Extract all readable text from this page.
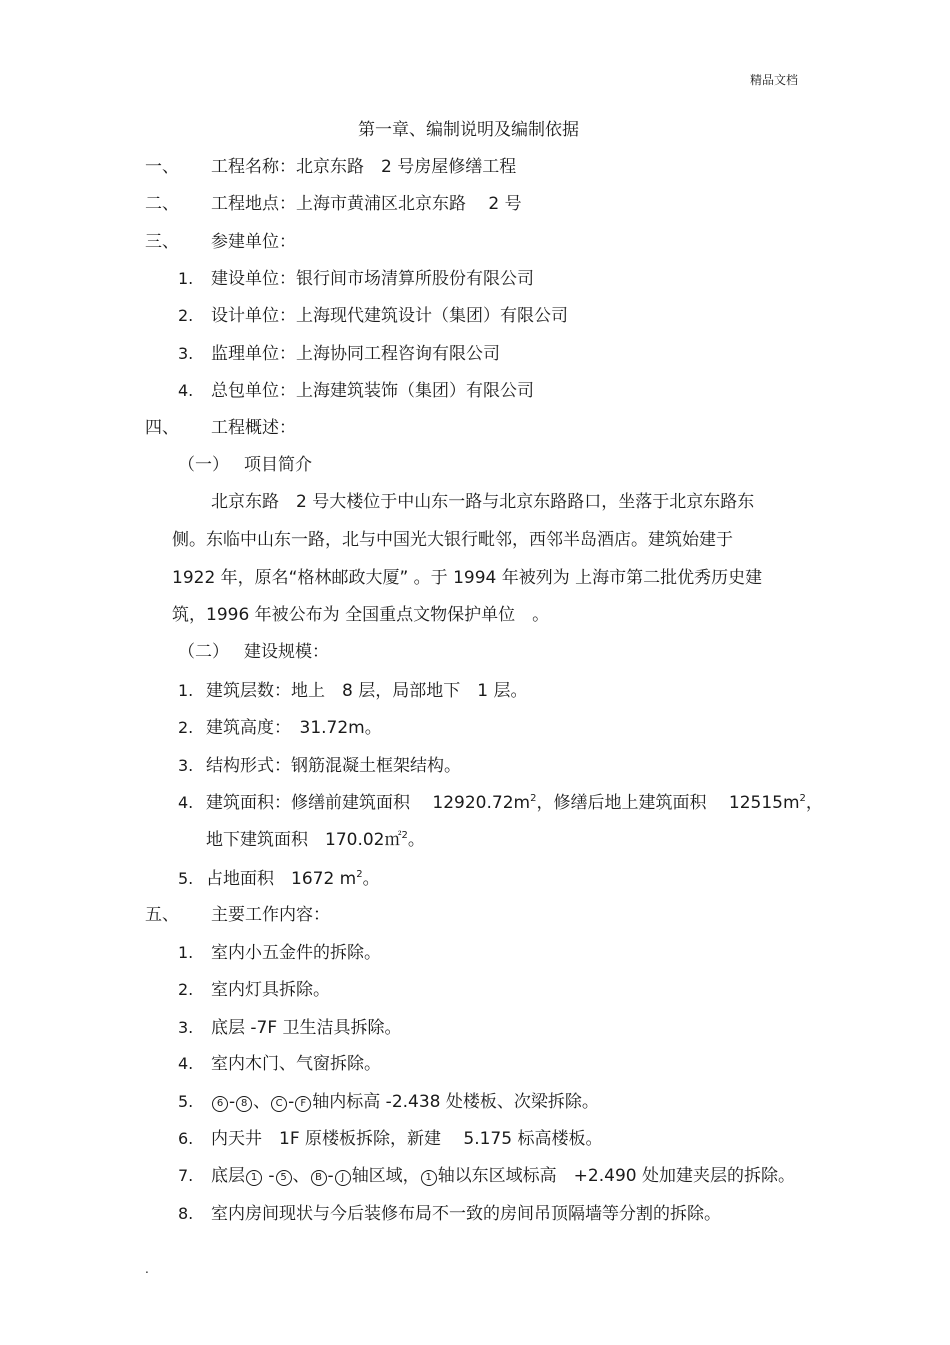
精品文档
第一章、编制说明及编制依据
一、 工程名称：北京东路　2 号房屋修缮工程
二、 工程地点：上海市黄浦区北京东路　 2 号
三、 参建单位：
1. 建设单位：银行间市场清算所股份有限公司
2. 设计单位：上海现代建筑设计（集团）有限公司
3. 监理单位：上海协同工程咨询有限公司
4. 总包单位：上海建筑装饰（集团）有限公司
四、 工程概述：
（一） 项目简介
北京东路　2 号大楼位于中山东一路与北京东路路口，坐落于北京东路东
侧。东临中山东一路，北与中国光大银行毗邻，西邻半岛酒店。建筑始建于
1922 年，原名“格林邮政大厦” 。于 1994 年被列为 上海市第二批优秀历史建
筑，1996 年被公布为 全国重点文物保护单位　。
（二） 建设规模：
1. 建筑层数：地上　8 层，局部地下　1 层。
2. 建筑高度：　31.72m。
3. 结构形式：钢筋混凝土框架结构。
4. 建筑面积：修缮前建筑面积　 $12920.72m^2$，修缮后地上建筑面积　 $12515m^2$，
地下建筑面积　170.02㎡$^2$。
5. 占地面积　1672 $m^2$。
五、 主要工作内容：
1. 室内小五金件的拆除。
2. 室内灯具拆除。
3. 底层 -7F 卫生洁具拆除。
4. 室内木门、气窗拆除。
5.	6 - 8 、 C - F 轴内标高 -2.438 处楼板、次梁拆除。
6. 内天井　1F 原楼板拆除，新建　 5.175 标高楼板。
7. 底层 1 - 5 、 B - J 轴区域， 1 轴以东区域标高　+2.490 处加建夹层的拆除。
8. 室内房间现状与今后装修布局不一致的房间吊顶隔墙等分割的拆除。
.
